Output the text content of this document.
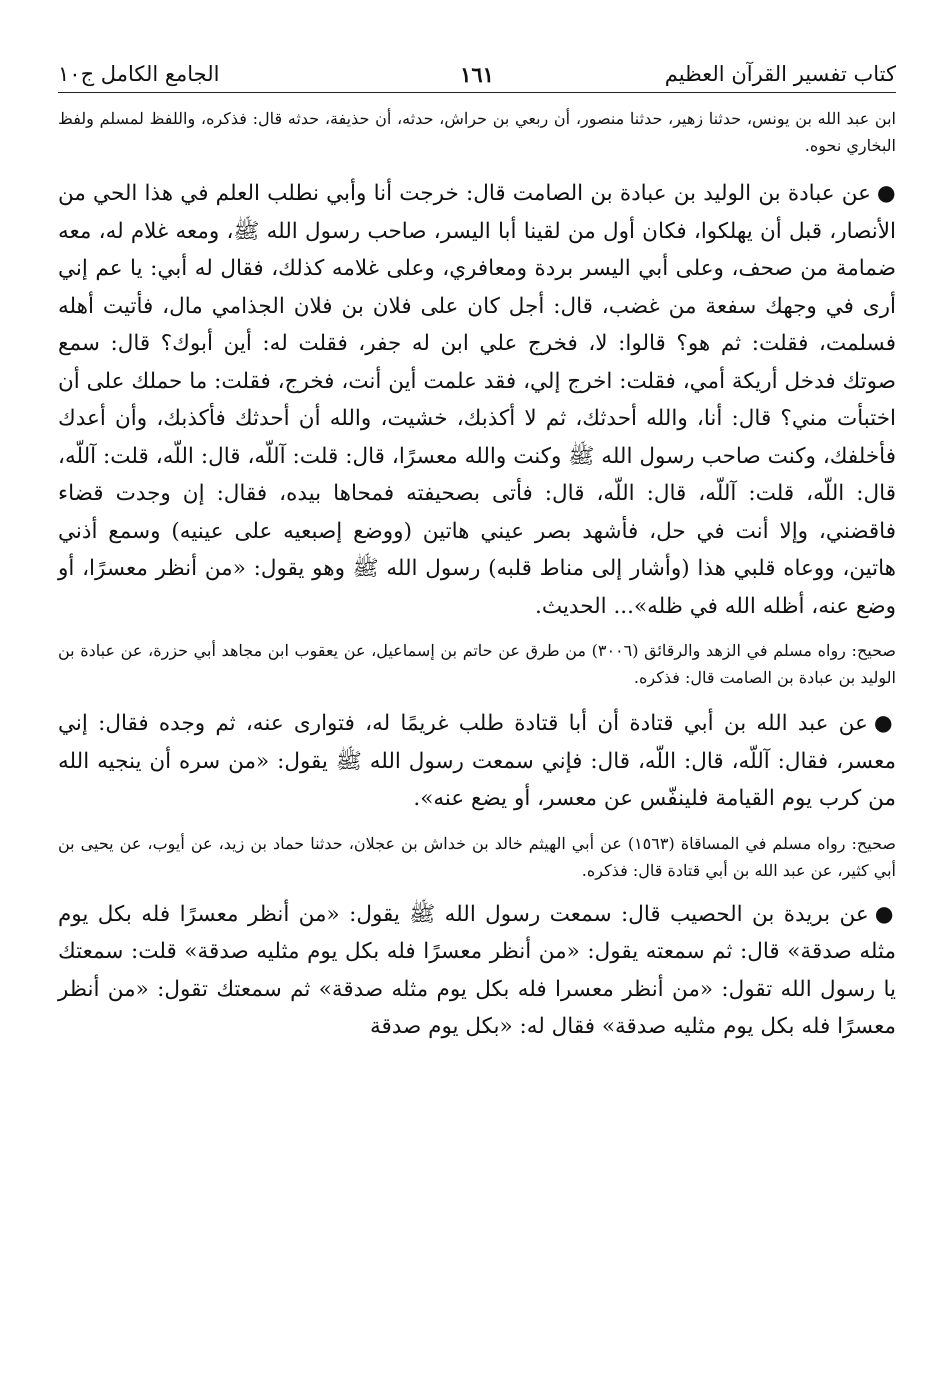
كتاب تفسير القرآن العظيم
١٦١
الجامع الكامل ج١٠

ابن عبد الله بن يونس، حدثنا زهير، حدثنا منصور، أن ربعي بن حراش، حدثه، أن حذيفة، حدثه قال: فذكره، واللفظ لمسلم ولفظ البخاري نحوه.

●عن عبادة بن الوليد بن عبادة بن الصامت قال: خرجت أنا وأبي نطلب العلم في هذا الحي من الأنصار، قبل أن يهلكوا، فكان أول من لقينا أبا اليسر، صاحب رسول الله ﷺ، ومعه غلام له، معه ضمامة من صحف، وعلى أبي اليسر بردة ومعافري، وعلى غلامه كذلك، فقال له أبي: يا عم إني أرى في وجهك سفعة من غضب، قال: أجل كان على فلان بن فلان الجذامي مال، فأتيت أهله فسلمت، فقلت: ثم هو؟ قالوا: لا، فخرج علي ابن له جفر، فقلت له: أين أبوك؟ قال: سمع صوتك فدخل أريكة أمي، فقلت: اخرج إلي، فقد علمت أين أنت، فخرج، فقلت: ما حملك على أن اختبأت مني؟ قال: أنا، والله أحدثك، ثم لا أكذبك، خشيت، والله أن أحدثك فأكذبك، وأن أعدك فأخلفك، وكنت صاحب رسول الله ﷺ وكنت والله معسرًا، قال: قلت: آللّه، قال: اللّه، قلت: آللّه، قال: اللّه، قلت: آللّه، قال: اللّه، قال: فأتى بصحيفته فمحاها بيده، فقال: إن وجدت قضاء فاقضني، وإلا أنت في حل، فأشهد بصر عيني هاتين (ووضع إصبعيه على عينيه) وسمع أذني هاتين، ووعاه قلبي هذا (وأشار إلى مناط قلبه) رسول الله ﷺ وهو يقول: «من أنظر معسرًا، أو وضع عنه، أظله الله في ظله»... الحديث.

صحيح: رواه مسلم في الزهد والرقائق (٣٠٠٦) من طرق عن حاتم بن إسماعيل، عن يعقوب ابن مجاهد أبي حزرة، عن عبادة بن الوليد بن عبادة بن الصامت قال: فذكره.

●عن عبد الله بن أبي قتادة أن أبا قتادة طلب غريمًا له، فتوارى عنه، ثم وجده فقال: إني معسر، فقال: آللّه، قال: اللّه، قال: فإني سمعت رسول الله ﷺ يقول: «من سره أن ينجيه الله من كرب يوم القيامة فلينفّس عن معسر، أو يضع عنه».

صحيح: رواه مسلم في المساقاة (١٥٦٣) عن أبي الهيثم خالد بن خداش بن عجلان، حدثنا حماد بن زيد، عن أيوب، عن يحيى بن أبي كثير، عن عبد الله بن أبي قتادة قال: فذكره.

●عن بريدة بن الحصيب قال: سمعت رسول الله ﷺ يقول: «من أنظر معسرًا فله بكل يوم مثله صدقة» قال: ثم سمعته يقول: «من أنظر معسرًا فله بكل يوم مثليه صدقة» قلت: سمعتك يا رسول الله تقول: «من أنظر معسرا فله بكل يوم مثله صدقة» ثم سمعتك تقول: «من أنظر معسرًا فله بكل يوم مثليه صدقة» فقال له: «بكل يوم صدقة
